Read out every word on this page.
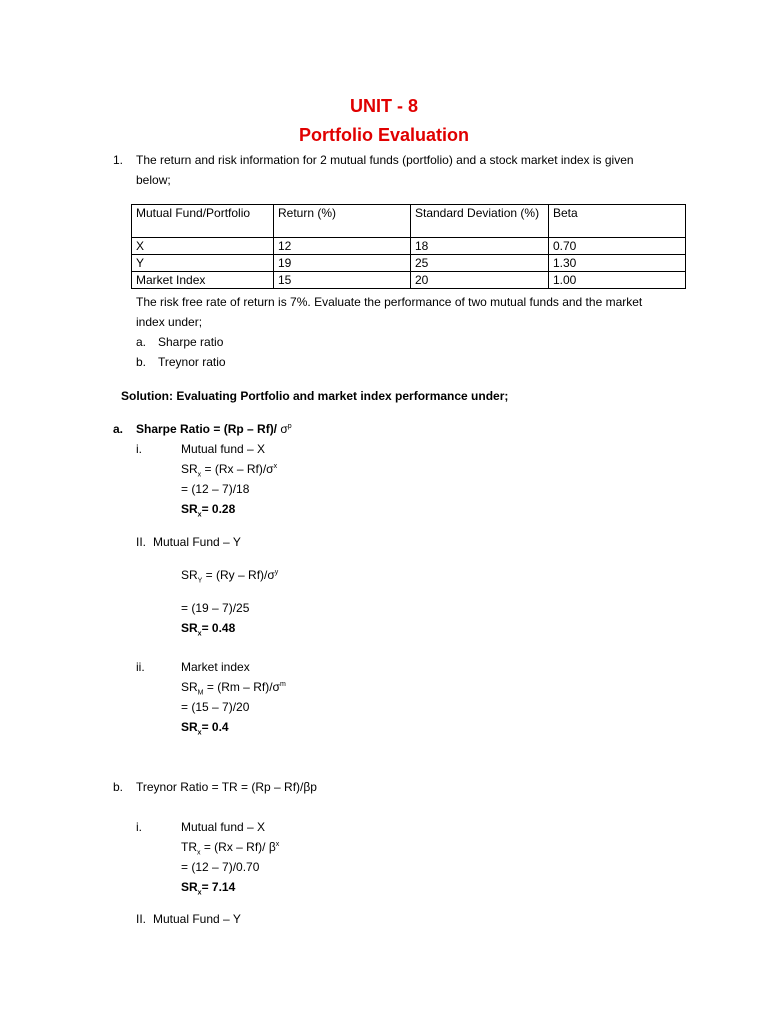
UNIT - 8
Portfolio Evaluation
1. The return and risk information for 2 mutual funds (portfolio) and a stock market index is given
below;
Mutual Fund/Portfolio	Return (%)	Standard Deviation (%)	Beta
X	12	18	0.70
Y	19	25	1.30
Market Index	15	20	1.00
The risk free rate of return is 7%. Evaluate the performance of two mutual funds and the market
index under;
a. Sharpe ratio
b. Treynor ratio
Solution: Evaluating Portfolio and market index performance under;
a. Sharpe Ratio = (Rp – Rf)/ $\sigma^p$
i.	Mutual fund – X
$SR_x = (Rx - Rf)/\sigma^x$
= (12 – 7)/18
$SR_x= 0.28$
II. Mutual Fund – Y
$SR_Y = (Ry - Rf)/\sigma^y$
= (19 – 7)/25
$SR_x= 0.48$
ii.	Market index
$SR_M = (Rm - Rf)/\sigma^m$
= (15 – 7)/20
$SR_x= 0.4$
b. Treynor Ratio = TR = (Rp – Rf)/βp
i.	Mutual fund – X
$TR_x = (Rx - Rf)/$ $\beta^x$
= (12 – 7)/0.70
$SR_x= 7.14$
II. Mutual Fund – Y
